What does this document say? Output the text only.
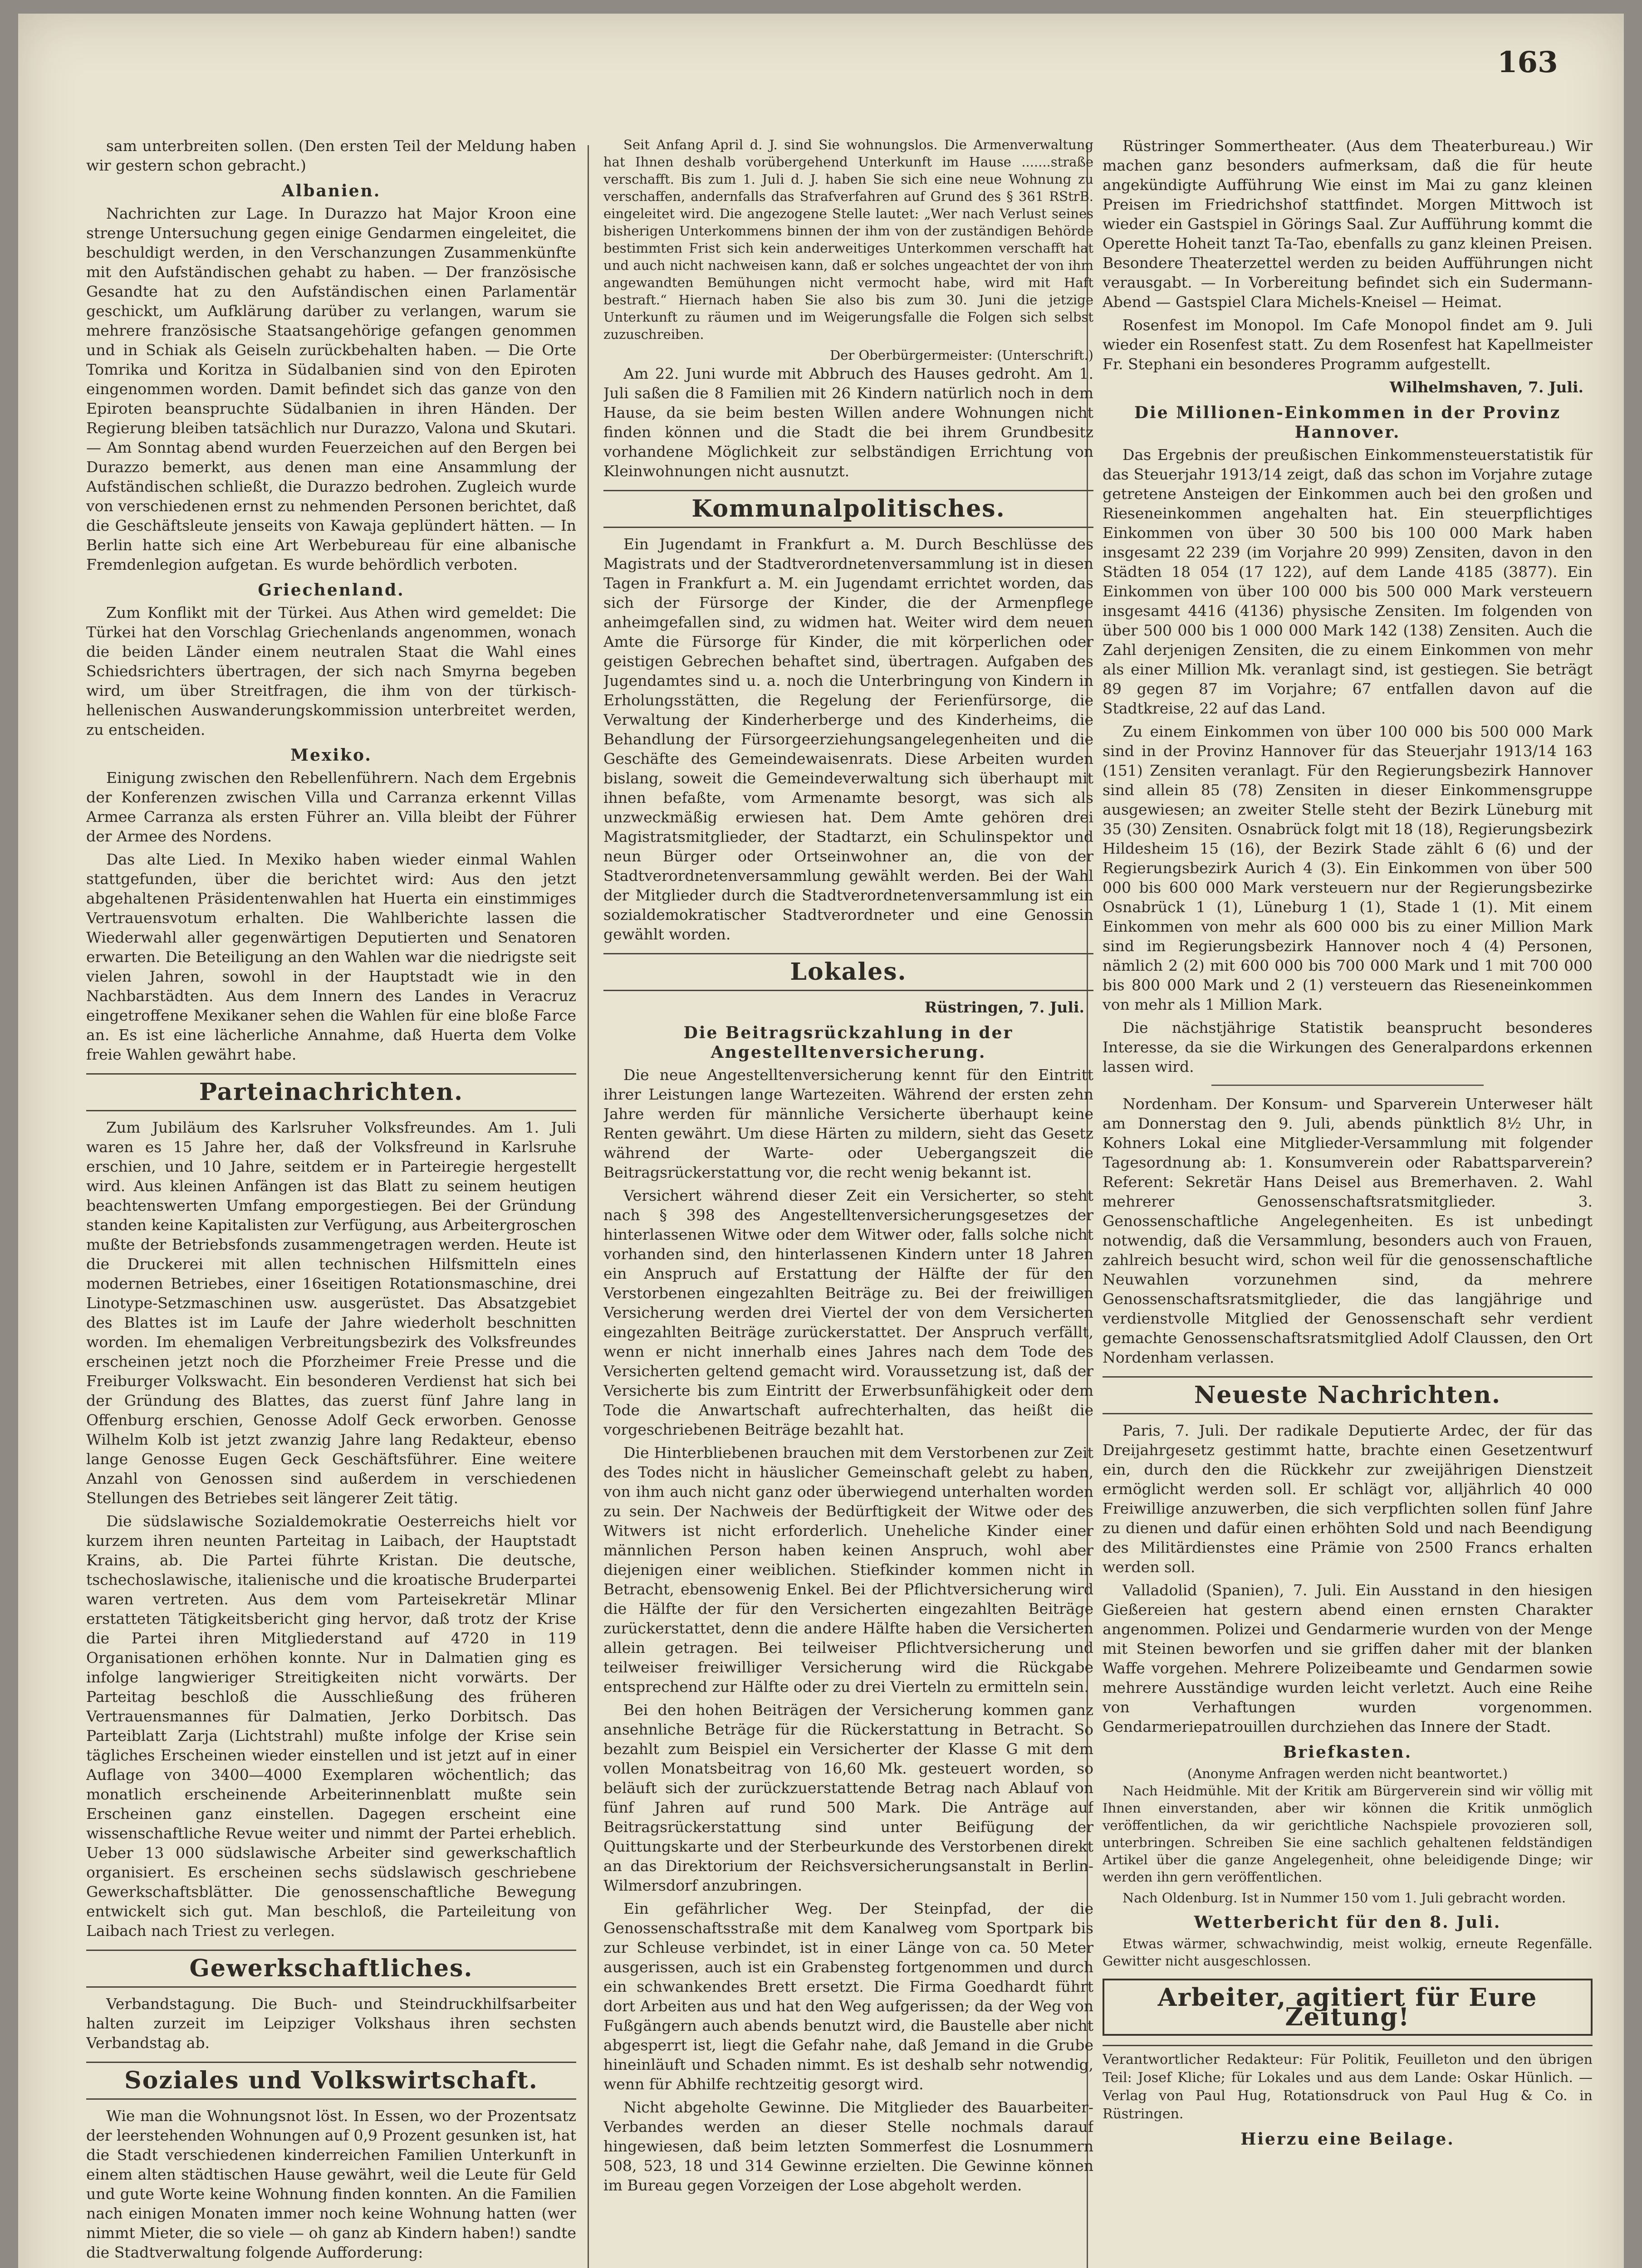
163

sam unterbreiten sollen. (Den ersten Teil der Meldung haben wir gestern schon gebracht.)

Albanien.

Nachrichten zur Lage. In Durazzo hat Major Kroon eine strenge Untersuchung gegen einige Gendarmen eingeleitet, die beschuldigt werden, in den Verschanzungen Zusammenkünfte mit den Aufständischen gehabt zu haben. — Der französische Gesandte hat zu den Aufständischen einen Parlamentär geschickt, um Aufklärung darüber zu verlangen, warum sie mehrere französische Staatsangehörige gefangen genommen und in Schiak als Geiseln zurückbehalten haben. — Die Orte Tomrika und Koritza in Südalbanien sind von den Epiroten eingenommen worden. Damit befindet sich das ganze von den Epiroten beanspruchte Südalbanien in ihren Händen. Der Regierung bleiben tatsächlich nur Durazzo, Valona und Skutari. — Am Sonntag abend wurden Feuerzeichen auf den Bergen bei Durazzo bemerkt, aus denen man eine Ansammlung der Aufständischen schließt, die Durazzo bedrohen. Zugleich wurde von verschiedenen ernst zu nehmenden Personen berichtet, daß die Geschäftsleute jenseits von Kawaja geplündert hätten. — In Berlin hatte sich eine Art Werbebureau für eine albanische Fremdenlegion aufgetan. Es wurde behördlich verboten.

Griechenland.

Zum Konflikt mit der Türkei. Aus Athen wird gemeldet: Die Türkei hat den Vorschlag Griechenlands angenommen, wonach die beiden Länder einem neutralen Staat die Wahl eines Schiedsrichters übertragen, der sich nach Smyrna begeben wird, um über Streitfragen, die ihm von der türkisch-hellenischen Auswanderungskommission unterbreitet werden, zu entscheiden.

Mexiko.

Einigung zwischen den Rebellenführern. Nach dem Ergebnis der Konferenzen zwischen Villa und Carranza erkennt Villas Armee Carranza als ersten Führer an. Villa bleibt der Führer der Armee des Nordens.

Das alte Lied. In Mexiko haben wieder einmal Wahlen stattgefunden, über die berichtet wird: Aus den jetzt abgehaltenen Präsidentenwahlen hat Huerta ein einstimmiges Vertrauensvotum erhalten. Die Wahlberichte lassen die Wiederwahl aller gegenwärtigen Deputierten und Senatoren erwarten. Die Beteiligung an den Wahlen war die niedrigste seit vielen Jahren, sowohl in der Hauptstadt wie in den Nachbarstädten. Aus dem Innern des Landes in Veracruz eingetroffene Mexikaner sehen die Wahlen für eine bloße Farce an. Es ist eine lächerliche Annahme, daß Huerta dem Volke freie Wahlen gewährt habe.

Parteinachrichten.

Zum Jubiläum des Karlsruher Volksfreundes. Am 1. Juli waren es 15 Jahre her, daß der Volksfreund in Karlsruhe erschien, und 10 Jahre, seitdem er in Parteiregie hergestellt wird. Aus kleinen Anfängen ist das Blatt zu seinem heutigen beachtenswerten Umfang emporgestiegen. Bei der Gründung standen keine Kapitalisten zur Verfügung, aus Arbeitergroschen mußte der Betriebsfonds zusammengetragen werden. Heute ist die Druckerei mit allen technischen Hilfsmitteln eines modernen Betriebes, einer 16seitigen Rotationsmaschine, drei Linotype-Setzmaschinen usw. ausgerüstet. Das Absatzgebiet des Blattes ist im Laufe der Jahre wiederholt beschnitten worden. Im ehemaligen Verbreitungsbezirk des Volksfreundes erscheinen jetzt noch die Pforzheimer Freie Presse und die Freiburger Volkswacht. Ein besonderen Verdienst hat sich bei der Gründung des Blattes, das zuerst fünf Jahre lang in Offenburg erschien, Genosse Adolf Geck erworben. Genosse Wilhelm Kolb ist jetzt zwanzig Jahre lang Redakteur, ebenso lange Genosse Eugen Geck Geschäftsführer. Eine weitere Anzahl von Genossen sind außerdem in verschiedenen Stellungen des Betriebes seit längerer Zeit tätig.

Die südslawische Sozialdemokratie Oesterreichs hielt vor kurzem ihren neunten Parteitag in Laibach, der Hauptstadt Krains, ab. Die Partei führte Kristan. Die deutsche, tschechoslawische, italienische und die kroatische Bruderpartei waren vertreten. Aus dem vom Parteisekretär Mlinar erstatteten Tätigkeitsbericht ging hervor, daß trotz der Krise die Partei ihren Mitgliederstand auf 4720 in 119 Organisationen erhöhen konnte. Nur in Dalmatien ging es infolge langwieriger Streitigkeiten nicht vorwärts. Der Parteitag beschloß die Ausschließung des früheren Vertrauensmannes für Dalmatien, Jerko Dorbitsch. Das Parteiblatt Zarja (Lichtstrahl) mußte infolge der Krise sein tägliches Erscheinen wieder einstellen und ist jetzt auf in einer Auflage von 3400—4000 Exemplaren wöchentlich; das monatlich erscheinende Arbeiterinnenblatt mußte sein Erscheinen ganz einstellen. Dagegen erscheint eine wissenschaftliche Revue weiter und nimmt der Partei erheblich. Ueber 13 000 südslawische Arbeiter sind gewerkschaftlich organisiert. Es erscheinen sechs südslawisch geschriebene Gewerkschaftsblätter. Die genossenschaftliche Bewegung entwickelt sich gut. Man beschloß, die Parteileitung von Laibach nach Triest zu verlegen.

Gewerkschaftliches.

Verbandstagung. Die Buch- und Steindruckhilfsarbeiter halten zurzeit im Leipziger Volkshaus ihren sechsten Verbandstag ab.

Soziales und Volkswirtschaft.

Wie man die Wohnungsnot löst. In Essen, wo der Prozentsatz der leerstehenden Wohnungen auf 0,9 Prozent gesunken ist, hat die Stadt verschiedenen kinderreichen Familien Unterkunft in einem alten städtischen Hause gewährt, weil die Leute für Geld und gute Worte keine Wohnung finden konnten. An die Familien nach einigen Monaten immer noch keine Wohnung hatten (wer nimmt Mieter, die so viele — oh ganz ab Kindern haben!) sandte die Stadtverwaltung folgende Aufforderung:

Seit Anfang April d. J. sind Sie wohnungslos. Die Armenverwaltung hat Ihnen deshalb vorübergehend Unterkunft im Hause .......straße verschafft. Bis zum 1. Juli d. J. haben Sie sich eine neue Wohnung zu verschaffen, andernfalls das Strafverfahren auf Grund des § 361 RStrB. eingeleitet wird. Die angezogene Stelle lautet: „Wer nach Verlust seines bisherigen Unterkommens binnen der ihm von der zuständigen Behörde bestimmten Frist sich kein anderweitiges Unterkommen verschafft hat und auch nicht nachweisen kann, daß er solches ungeachtet der von ihm angewandten Bemühungen nicht vermocht habe, wird mit Haft bestraft.“ Hiernach haben Sie also bis zum 30. Juni die jetzige Unterkunft zu räumen und im Weigerungsfalle die Folgen sich selbst zuzuschreiben.

Der Oberbürgermeister: (Unterschrift.)

Am 22. Juni wurde mit Abbruch des Hauses gedroht. Am 1. Juli saßen die 8 Familien mit 26 Kindern natürlich noch in dem Hause, da sie beim besten Willen andere Wohnungen nicht finden können und die Stadt die bei ihrem Grundbesitz vorhandene Möglichkeit zur selbständigen Errichtung von Kleinwohnungen nicht ausnutzt.

Kommunalpolitisches.

Ein Jugendamt in Frankfurt a. M. Durch Beschlüsse des Magistrats und der Stadtverordnetenversammlung ist in diesen Tagen in Frankfurt a. M. ein Jugendamt errichtet worden, das sich der Fürsorge der Kinder, die der Armenpflege anheimgefallen sind, zu widmen hat. Weiter wird dem neuen Amte die Fürsorge für Kinder, die mit körperlichen oder geistigen Gebrechen behaftet sind, übertragen. Aufgaben des Jugendamtes sind u. a. noch die Unterbringung von Kindern in Erholungsstätten, die Regelung der Ferienfürsorge, die Verwaltung der Kinderherberge und des Kinderheims, die Behandlung der Fürsorgeerziehungsangelegenheiten und die Geschäfte des Gemeindewaisenrats. Diese Arbeiten wurden bislang, soweit die Gemeindeverwaltung sich überhaupt mit ihnen befaßte, vom Armenamte besorgt, was sich als unzweckmäßig erwiesen hat. Dem Amte gehören drei Magistratsmitglieder, der Stadtarzt, ein Schulinspektor und neun Bürger oder Ortseinwohner an, die von der Stadtverordnetenversammlung gewählt werden. Bei der Wahl der Mitglieder durch die Stadtverordnetenversammlung ist ein sozialdemokratischer Stadtverordneter und eine Genossin gewählt worden.

Lokales.
Rüstringen, 7. Juli.
Die Beitragsrückzahlung in der Angestelltenversicherung.

Die neue Angestelltenversicherung kennt für den Eintritt ihrer Leistungen lange Wartezeiten. Während der ersten zehn Jahre werden für männliche Versicherte überhaupt keine Renten gewährt. Um diese Härten zu mildern, sieht das Gesetz während der Warte- oder Uebergangszeit die Beitragsrückerstattung vor, die recht wenig bekannt ist.

Versichert während dieser Zeit ein Versicherter, so steht nach § 398 des Angestelltenversicherungsgesetzes der hinterlassenen Witwe oder dem Witwer oder, falls solche nicht vorhanden sind, den hinterlassenen Kindern unter 18 Jahren ein Anspruch auf Erstattung der Hälfte der für den Verstorbenen eingezahlten Beiträge zu. Bei der freiwilligen Versicherung werden drei Viertel der von dem Versicherten eingezahlten Beiträge zurückerstattet. Der Anspruch verfällt, wenn er nicht innerhalb eines Jahres nach dem Tode des Versicherten geltend gemacht wird. Voraussetzung ist, daß der Versicherte bis zum Eintritt der Erwerbsunfähigkeit oder dem Tode die Anwartschaft aufrechterhalten, das heißt die vorgeschriebenen Beiträge bezahlt hat.

Die Hinterbliebenen brauchen mit dem Verstorbenen zur Zeit des Todes nicht in häuslicher Gemeinschaft gelebt zu haben, von ihm auch nicht ganz oder überwiegend unterhalten worden zu sein. Der Nachweis der Bedürftigkeit der Witwe oder des Witwers ist nicht erforderlich. Uneheliche Kinder einer männlichen Person haben keinen Anspruch, wohl aber diejenigen einer weiblichen. Stiefkinder kommen nicht in Betracht, ebensowenig Enkel. Bei der Pflichtversicherung wird die Hälfte der für den Versicherten eingezahlten Beiträge zurückerstattet, denn die andere Hälfte haben die Versicherten allein getragen. Bei teilweiser Pflichtversicherung und teilweiser freiwilliger Versicherung wird die Rückgabe entsprechend zur Hälfte oder zu drei Vierteln zu ermitteln sein.

Bei den hohen Beiträgen der Versicherung kommen ganz ansehnliche Beträge für die Rückerstattung in Betracht. So bezahlt zum Beispiel ein Versicherter der Klasse G mit dem vollen Monatsbeitrag von 16,60 Mk. gesteuert worden, so beläuft sich der zurückzuerstattende Betrag nach Ablauf von fünf Jahren auf rund 500 Mark. Die Anträge auf Beitragsrückerstattung sind unter Beifügung der Quittungskarte und der Sterbeurkunde des Verstorbenen direkt an das Direktorium der Reichsversicherungsanstalt in Berlin-Wilmersdorf anzubringen.

Ein gefährlicher Weg. Der Steinpfad, der die Genossenschaftsstraße mit dem Kanalweg vom Sportpark bis zur Schleuse verbindet, ist in einer Länge von ca. 50 Meter ausgerissen, auch ist ein Grabensteg fortgenommen und durch ein schwankendes Brett ersetzt. Die Firma Goedhardt führt dort Arbeiten aus und hat den Weg aufgerissen; da der Weg von Fußgängern auch abends benutzt wird, die Baustelle aber nicht abgesperrt ist, liegt die Gefahr nahe, daß Jemand in die Grube hineinläuft und Schaden nimmt. Es ist deshalb sehr notwendig, wenn für Abhilfe rechtzeitig gesorgt wird.

Nicht abgeholte Gewinne. Die Mitglieder des Bauarbeiter-Verbandes werden an dieser Stelle nochmals darauf hingewiesen, daß beim letzten Sommerfest die Losnummern 508, 523, 18 und 314 Gewinne erzielten. Die Gewinne können im Bureau gegen Vorzeigen der Lose abgeholt werden.

Rüstringer Sommertheater. (Aus dem Theaterbureau.) Wir machen ganz besonders aufmerksam, daß die für heute angekündigte Aufführung Wie einst im Mai zu ganz kleinen Preisen im Friedrichshof stattfindet. Morgen Mittwoch ist wieder ein Gastspiel in Görings Saal. Zur Aufführung kommt die Operette Hoheit tanzt Ta-Tao, ebenfalls zu ganz kleinen Preisen. Besondere Theaterzettel werden zu beiden Aufführungen nicht verausgabt. — In Vorbereitung befindet sich ein Sudermann-Abend — Gastspiel Clara Michels-Kneisel — Heimat.

Rosenfest im Monopol. Im Cafe Monopol findet am 9. Juli wieder ein Rosenfest statt. Zu dem Rosenfest hat Kapellmeister Fr. Stephani ein besonderes Programm aufgestellt.

Wilhelmshaven, 7. Juli.
Die Millionen-Einkommen in der Provinz Hannover.

Das Ergebnis der preußischen Einkommensteuerstatistik für das Steuerjahr 1913/14 zeigt, daß das schon im Vorjahre zutage getretene Ansteigen der Einkommen auch bei den großen und Rieseneinkommen angehalten hat. Ein steuerpflichtiges Einkommen von über 30 500 bis 100 000 Mark haben insgesamt 22 239 (im Vorjahre 20 999) Zensiten, davon in den Städten 18 054 (17 122), auf dem Lande 4185 (3877). Ein Einkommen von über 100 000 bis 500 000 Mark versteuern insgesamt 4416 (4136) physische Zensiten. Im folgenden von über 500 000 bis 1 000 000 Mark 142 (138) Zensiten. Auch die Zahl derjenigen Zensiten, die zu einem Einkommen von mehr als einer Million Mk. veranlagt sind, ist gestiegen. Sie beträgt 89 gegen 87 im Vorjahre; 67 entfallen davon auf die Stadtkreise, 22 auf das Land.

Zu einem Einkommen von über 100 000 bis 500 000 Mark sind in der Provinz Hannover für das Steuerjahr 1913/14 163 (151) Zensiten veranlagt. Für den Regierungsbezirk Hannover sind allein 85 (78) Zensiten in dieser Einkommensgruppe ausgewiesen; an zweiter Stelle steht der Bezirk Lüneburg mit 35 (30) Zensiten. Osnabrück folgt mit 18 (18), Regierungsbezirk Hildesheim 15 (16), der Bezirk Stade zählt 6 (6) und der Regierungsbezirk Aurich 4 (3). Ein Einkommen von über 500 000 bis 600 000 Mark versteuern nur der Regierungsbezirke Osnabrück 1 (1), Lüneburg 1 (1), Stade 1 (1). Mit einem Einkommen von mehr als 600 000 bis zu einer Million Mark sind im Regierungsbezirk Hannover noch 4 (4) Personen, nämlich 2 (2) mit 600 000 bis 700 000 Mark und 1 mit 700 000 bis 800 000 Mark und 2 (1) versteuern das Rieseneinkommen von mehr als 1 Million Mark.

Die nächstjährige Statistik beansprucht besonderes Interesse, da sie die Wirkungen des Generalpardons erkennen lassen wird.

Nordenham. Der Konsum- und Sparverein Unterweser hält am Donnerstag den 9. Juli, abends pünktlich 8½ Uhr, in Kohners Lokal eine Mitglieder-Versammlung mit folgender Tagesordnung ab: 1. Konsumverein oder Rabattsparverein? Referent: Sekretär Hans Deisel aus Bremerhaven. 2. Wahl mehrerer Genossenschaftsratsmitglieder. 3. Genossenschaftliche Angelegenheiten. Es ist unbedingt notwendig, daß die Versammlung, besonders auch von Frauen, zahlreich besucht wird, schon weil für die genossenschaftliche Neuwahlen vorzunehmen sind, da mehrere Genossenschaftsratsmitglieder, die das langjährige und verdienstvolle Mitglied der Genossenschaft sehr verdient gemachte Genossenschaftsratsmitglied Adolf Claussen, den Ort Nordenham verlassen.

Neueste Nachrichten.

Paris, 7. Juli. Der radikale Deputierte Ardec, der für das Dreijahrgesetz gestimmt hatte, brachte einen Gesetzentwurf ein, durch den die Rückkehr zur zweijährigen Dienstzeit ermöglicht werden soll. Er schlägt vor, alljährlich 40 000 Freiwillige anzuwerben, die sich verpflichten sollen fünf Jahre zu dienen und dafür einen erhöhten Sold und nach Beendigung des Militärdienstes eine Prämie von 2500 Francs erhalten werden soll.

Valladolid (Spanien), 7. Juli. Ein Ausstand in den hiesigen Gießereien hat gestern abend einen ernsten Charakter angenommen. Polizei und Gendarmerie wurden von der Menge mit Steinen beworfen und sie griffen daher mit der blanken Waffe vorgehen. Mehrere Polizeibeamte und Gendarmen sowie mehrere Ausständige wurden leicht verletzt. Auch eine Reihe von Verhaftungen wurden vorgenommen. Gendarmeriepatrouillen durchziehen das Innere der Stadt.

Briefkasten.
(Anonyme Anfragen werden nicht beantwortet.)

Nach Heidmühle. Mit der Kritik am Bürgerverein sind wir völlig mit Ihnen einverstanden, aber wir können die Kritik unmöglich veröffentlichen, da wir gerichtliche Nachspiele provozieren soll, unterbringen. Schreiben Sie eine sachlich gehaltenen feldständigen Artikel über die ganze Angelegenheit, ohne beleidigende Dinge; wir werden ihn gern veröffentlichen.

Nach Oldenburg. Ist in Nummer 150 vom 1. Juli gebracht worden.

Wetterbericht für den 8. Juli.

Etwas wärmer, schwachwindig, meist wolkig, erneute Regenfälle. Gewitter nicht ausgeschlossen.

Arbeiter, agitiert für Eure Zeitung!
Verantwortlicher Redakteur: Für Politik, Feuilleton und den übrigen Teil: Josef Kliche; für Lokales und aus dem Lande: Oskar Hünlich. — Verlag von Paul Hug, Rotationsdruck von Paul Hug & Co. in Rüstringen.
Hierzu eine Beilage.
